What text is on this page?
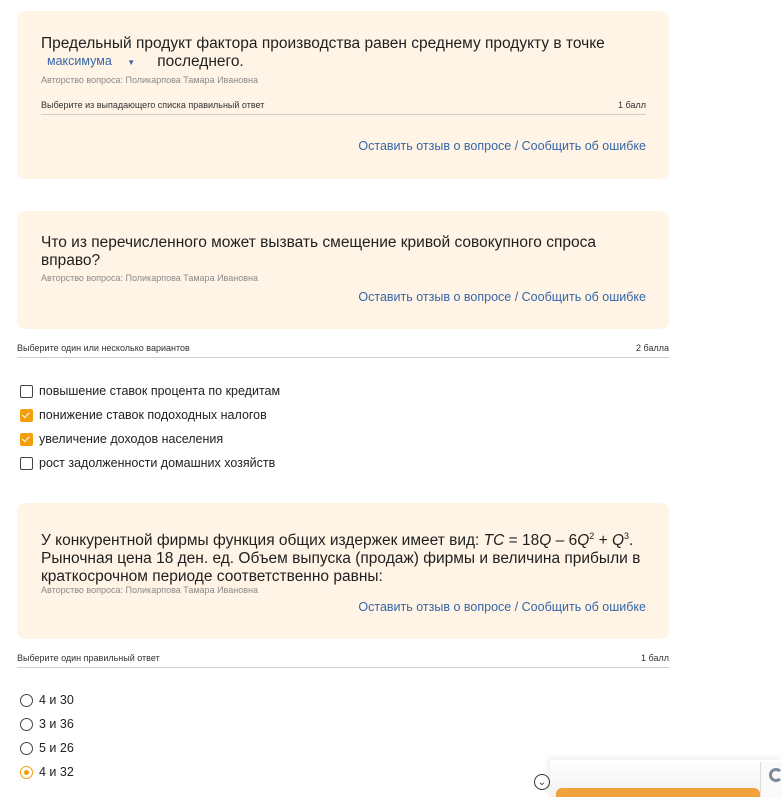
Предельный продукт фактора производства равен среднему продукту в точке
максимума ▼ последнего.
Авторство вопроса: Поликарпова Тамара Ивановна
Выберите из выпадающего списка правильный ответ	1 балл
Оставить отзыв о вопросе / Сообщить об ошибке
Что из перечисленного может вызвать смещение кривой совокупного спроса вправо?
Авторство вопроса: Поликарпова Тамара Ивановна
Оставить отзыв о вопросе / Сообщить об ошибке
Выберите один или несколько вариантов	2 балла
повышение ставок процента по кредитам
понижение ставок подоходных налогов
увеличение доходов населения
рост задолженности домашних хозяйств
У конкурентной фирмы функция общих издержек имеет вид: TC = $18Q - 6Q^2 + Q^3$. Рыночная цена 18 ден. ед. Объем выпуска (продаж) фирмы и величина прибыли в краткосрочном периоде соответственно равны:
Авторство вопроса: Поликарпова Тамара Ивановна
Оставить отзыв о вопросе / Сообщить об ошибке
Выберите один правильный ответ	1 балл
4 и 30
3 и 36
5 и 26
4 и 32
⌄
